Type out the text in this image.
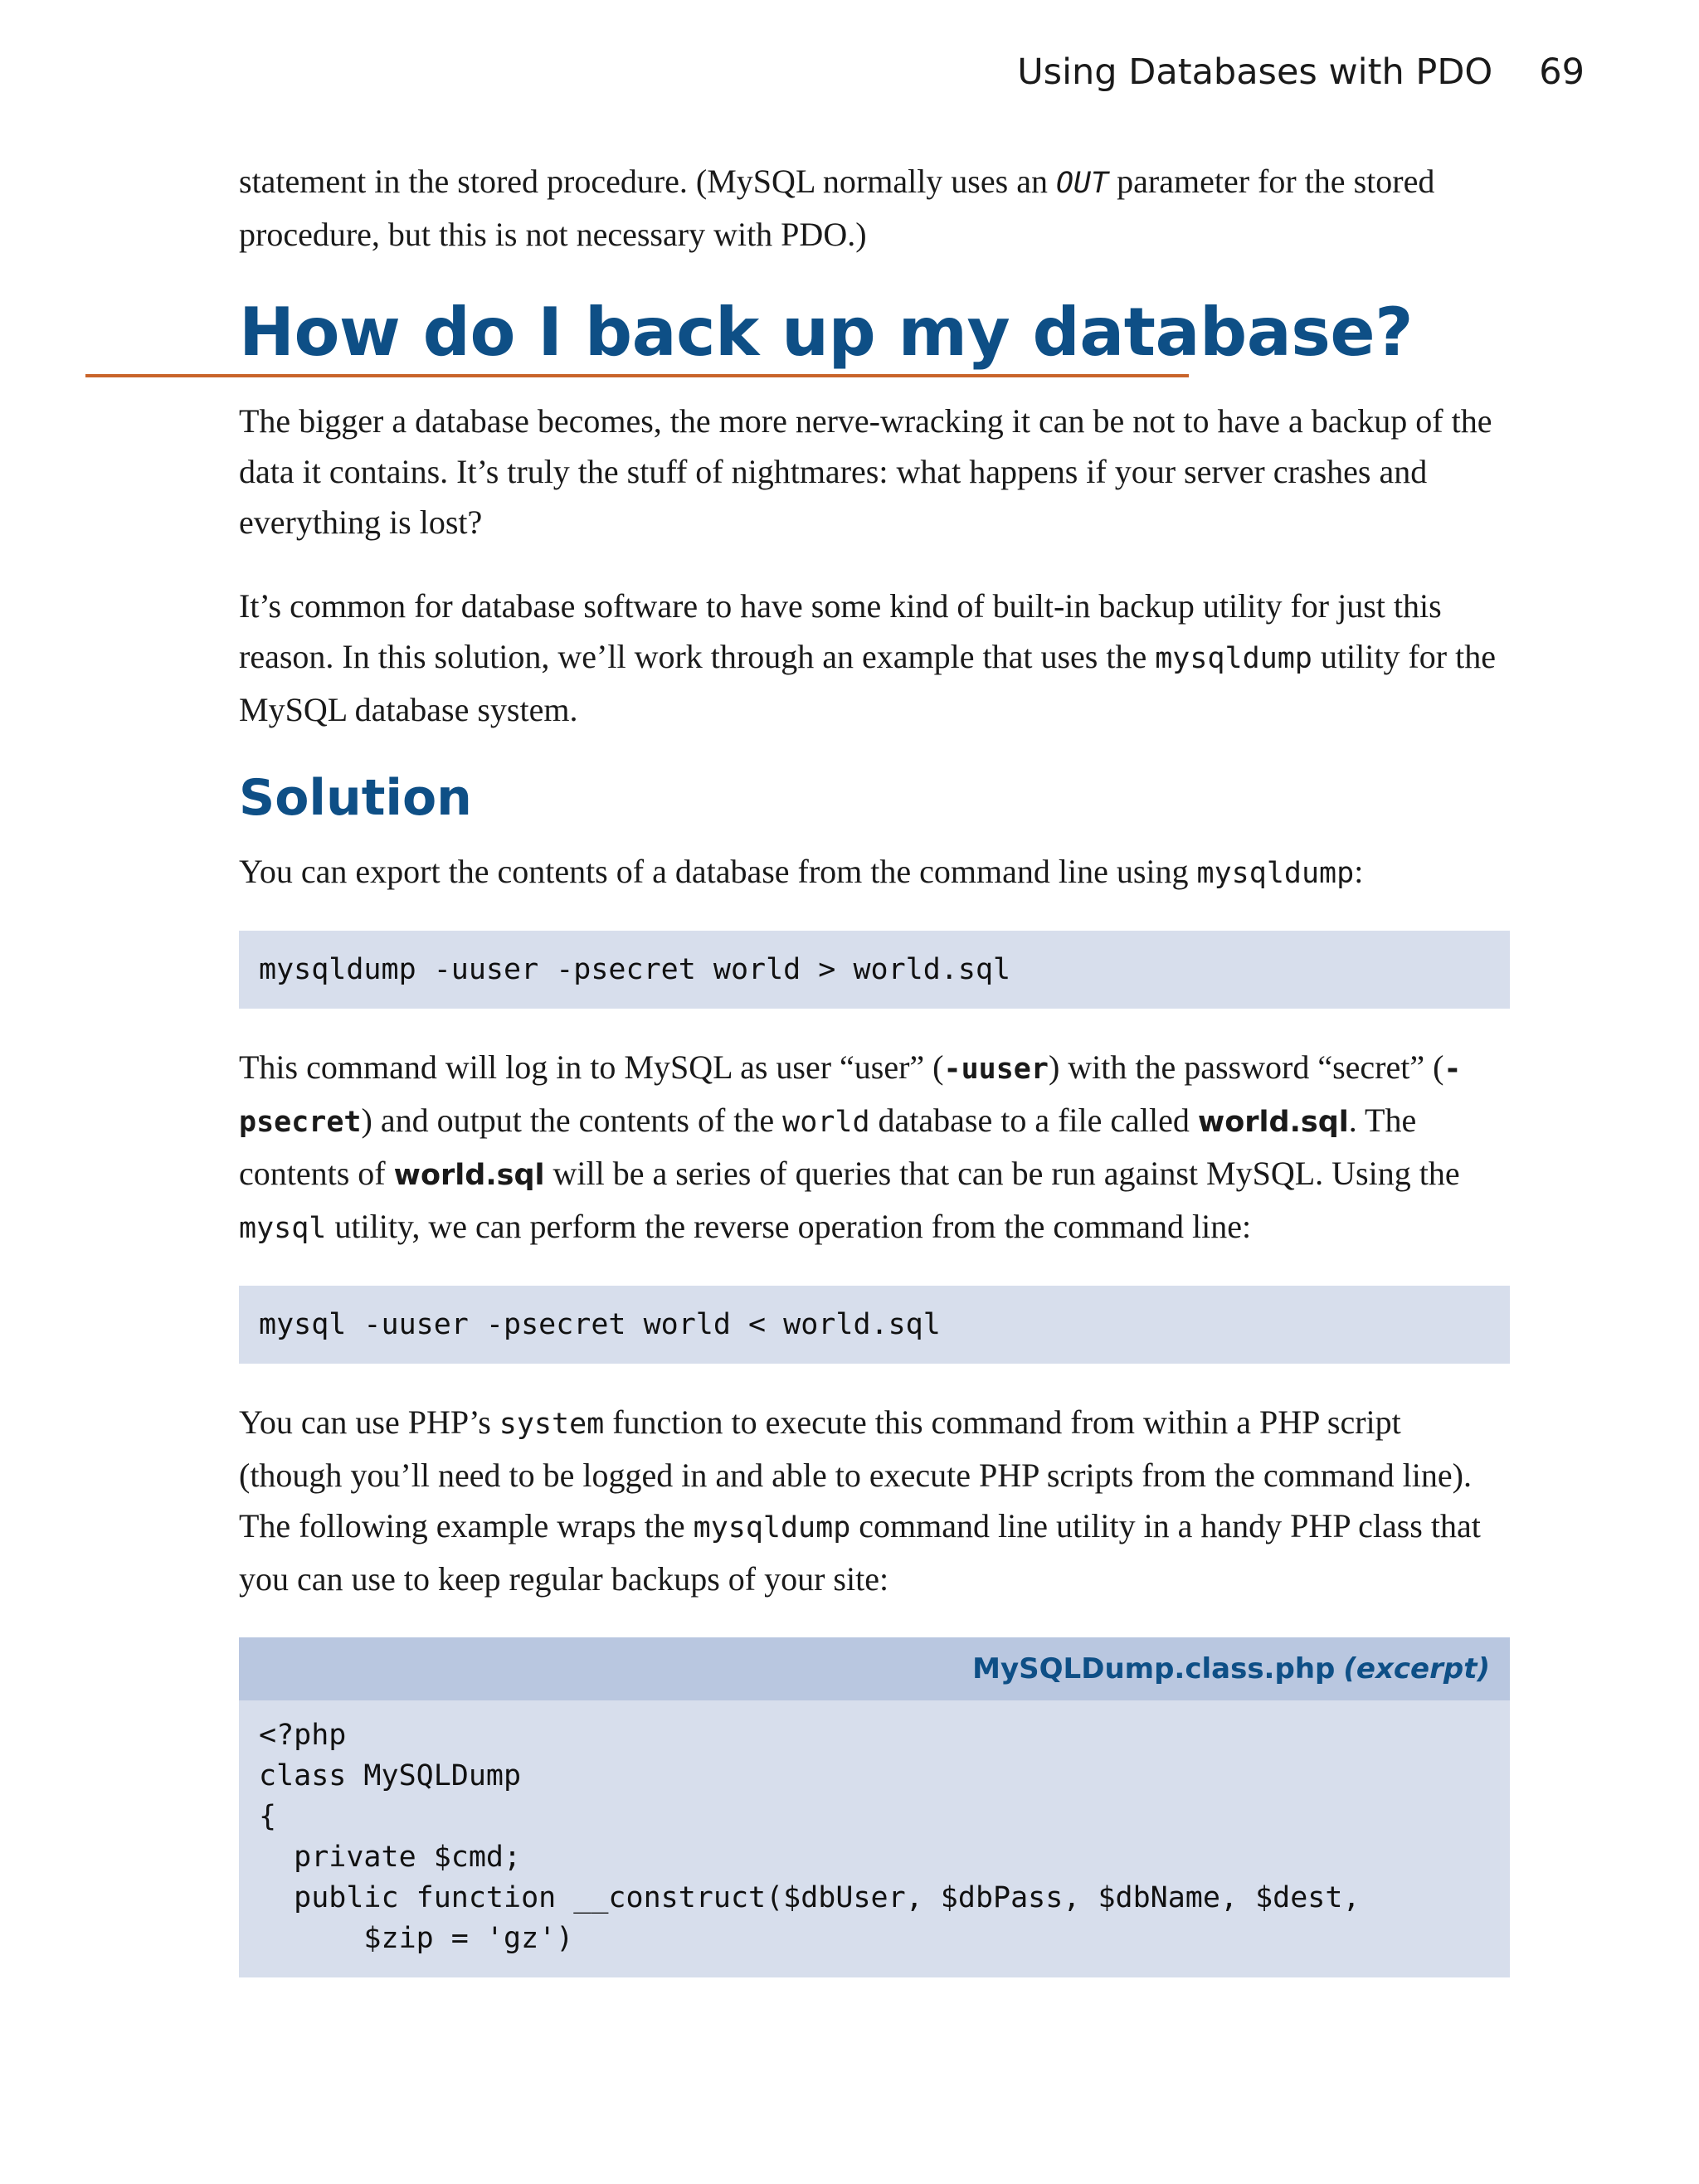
Using Databases with PDO 69

statement in the stored procedure. (MySQL normally uses an OUT parameter for the stored procedure, but this is not necessary with PDO.)

How do I back up my database?

The bigger a database becomes, the more nerve-wracking it can be not to have a backup of the data it contains. It’s truly the stuff of nightmares: what happens if your server crashes and everything is lost?

It’s common for database software to have some kind of built-in backup utility for just this reason. In this solution, we’ll work through an example that uses the mysqldump utility for the MySQL database system.

Solution

You can export the contents of a database from the command line using mysqldump:

mysqldump -uuser -psecret world > world.sql

This command will log in to MySQL as user “user” (-uuser) with the password “secret” (-psecret) and output the contents of the world database to a file called world.sql. The contents of world.sql will be a series of queries that can be run against MySQL. Using the mysql utility, we can perform the reverse operation from the command line:

mysql -uuser -psecret world < world.sql

You can use PHP’s system function to execute this command from within a PHP script (though you’ll need to be logged in and able to execute PHP scripts from the command line). The following example wraps the mysqldump command line utility in a handy PHP class that you can use to keep regular backups of your site:

MySQLDump.class.php (excerpt)
<?php
class MySQLDump
{
private $cmd;
public function __construct($dbUser, $dbPass, $dbName, $dest,
$zip = 'gz')
